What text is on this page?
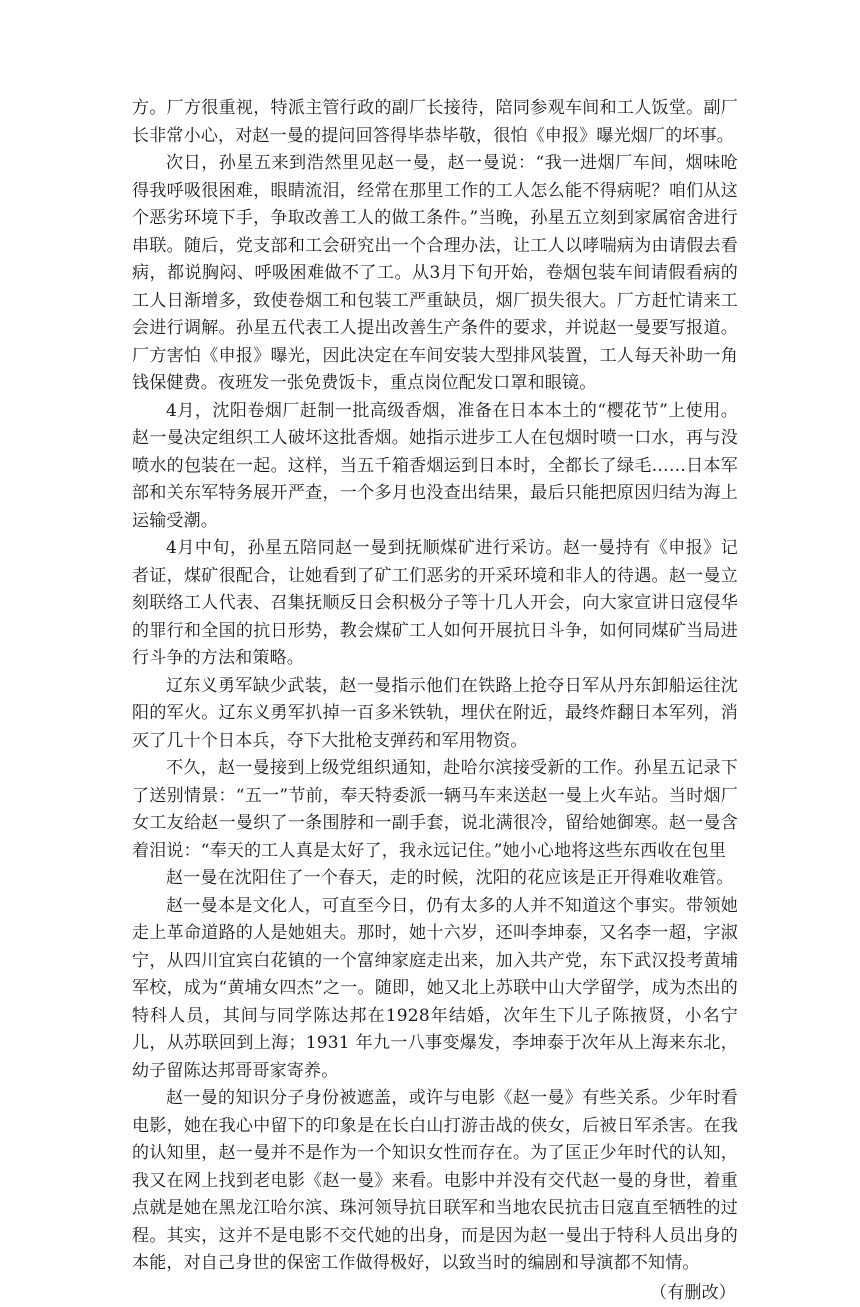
方。厂方很重视，特派主管行政的副厂长接待，陪同参观车间和工人饭堂。副厂长非常小心，对赵一曼的提问回答得毕恭毕敬，很怕《申报》曝光烟厂的坏事。

次日，孙星五来到浩然里见赵一曼，赵一曼说：“我一进烟厂车间，烟味呛得我呼吸很困难，眼睛流泪，经常在那里工作的工人怎么能不得病呢？咱们从这个恶劣环境下手，争取改善工人的做工条件。”当晚，孙星五立刻到家属宿舍进行串联。随后，党支部和工会研究出一个合理办法，让工人以哮喘病为由请假去看病，都说胸闷、呼吸困难做不了工。从3月下旬开始，卷烟包装车间请假看病的工人日渐增多，致使卷烟工和包装工严重缺员，烟厂损失很大。厂方赶忙请来工会进行调解。孙星五代表工人提出改善生产条件的要求，并说赵一曼要写报道。厂方害怕《申报》曝光，因此决定在车间安装大型排风装置，工人每天补助一角钱保健费。夜班发一张免费饭卡，重点岗位配发口罩和眼镜。

4月，沈阳卷烟厂赶制一批高级香烟，准备在日本本土的“樱花节”上使用。赵一曼决定组织工人破坏这批香烟。她指示进步工人在包烟时喷一口水，再与没喷水的包装在一起。这样，当五千箱香烟运到日本时，全都长了绿毛……日本军部和关东军特务展开严查，一个多月也没查出结果，最后只能把原因归结为海上运输受潮。

4月中旬，孙星五陪同赵一曼到抚顺煤矿进行采访。赵一曼持有《申报》记者证，煤矿很配合，让她看到了矿工们恶劣的开采环境和非人的待遇。赵一曼立刻联络工人代表、召集抚顺反日会积极分子等十几人开会，向大家宣讲日寇侵华的罪行和全国的抗日形势，教会煤矿工人如何开展抗日斗争，如何同煤矿当局进行斗争的方法和策略。

辽东义勇军缺少武装，赵一曼指示他们在铁路上抢夺日军从丹东卸船运往沈阳的军火。辽东义勇军扒掉一百多米铁轨，埋伏在附近，最终炸翻日本军列，消灭了几十个日本兵，夺下大批枪支弹药和军用物资。

不久，赵一曼接到上级党组织通知，赴哈尔滨接受新的工作。孙星五记录下了送别情景：“五一”节前，奉天特委派一辆马车来送赵一曼上火车站。当时烟厂女工友给赵一曼织了一条围脖和一副手套，说北满很冷，留给她御寒。赵一曼含着泪说：“奉天的工人真是太好了，我永远记住。”她小心地将这些东西收在包里

赵一曼在沈阳住了一个春天，走的时候，沈阳的花应该是正开得难收难管。

赵一曼本是文化人，可直至今日，仍有太多的人并不知道这个事实。带领她走上革命道路的人是她姐夫。那时，她十六岁，还叫李坤泰，又名李一超，字淑宁，从四川宜宾白花镇的一个富绅家庭走出来，加入共产党，东下武汉投考黄埔军校，成为“黄埔女四杰”之一。随即，她又北上苏联中山大学留学，成为杰出的特科人员，其间与同学陈达邦在1928年结婚，次年生下儿子陈掖贤，小名宁儿，从苏联回到上海；1931 年九一八事变爆发，李坤泰于次年从上海来东北，幼子留陈达邦哥哥家寄养。

赵一曼的知识分子身份被遮盖，或许与电影《赵一曼》有些关系。少年时看电影，她在我心中留下的印象是在长白山打游击战的侠女，后被日军杀害。在我的认知里，赵一曼并不是作为一个知识女性而存在。为了匡正少年时代的认知，我又在网上找到老电影《赵一曼》来看。电影中并没有交代赵一曼的身世，着重点就是她在黑龙江哈尔滨、珠河领导抗日联军和当地农民抗击日寇直至牺牲的过程。其实，这并不是电影不交代她的出身，而是因为赵一曼出于特科人员出身的本能，对自己身世的保密工作做得极好，以致当时的编剧和导演都不知情。

（有删改）
